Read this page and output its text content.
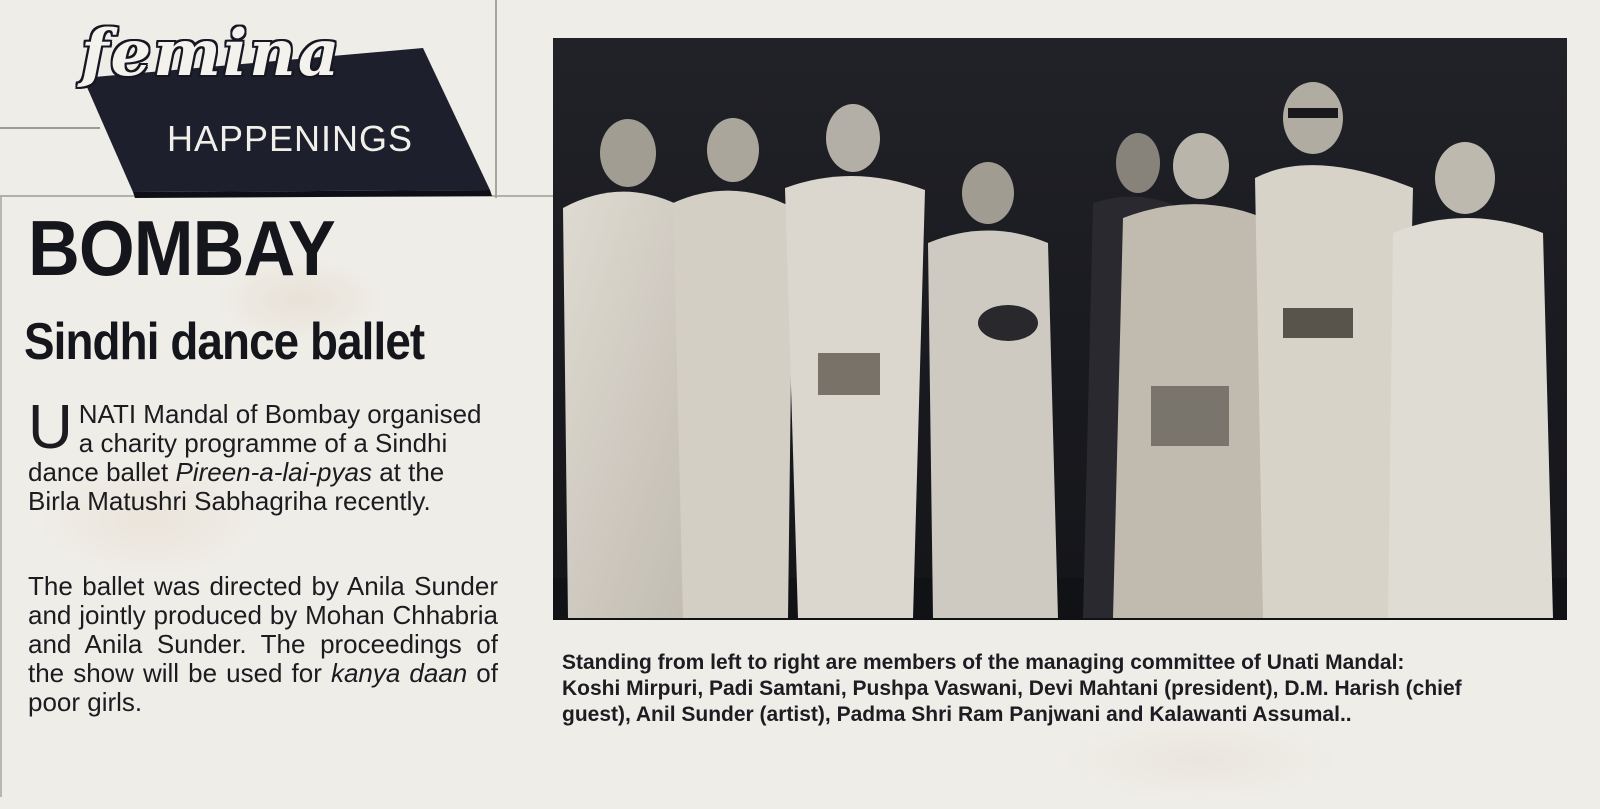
femina
HAPPENINGS
BOMBAY
Sindhi dance ballet

UNATI Mandal of Bombay organised a charity programme of a Sindhi dance ballet Pireen-a-lai-pyas at the Birla Matushri Sabhagriha recently.

The ballet was directed by Anila Sunder and jointly produced by Mohan Chhabria and Anila Sunder. The proceedings of the show will be used for kanya daan of poor girls.

Standing from left to right are members of the managing committee of Unati Mandal: Koshi Mirpuri, Padi Samtani, Pushpa Vaswani, Devi Mahtani (president), D.M. Harish (chief guest), Anil Sunder (artist), Padma Shri Ram Panjwani and Kalawanti Assumal..
